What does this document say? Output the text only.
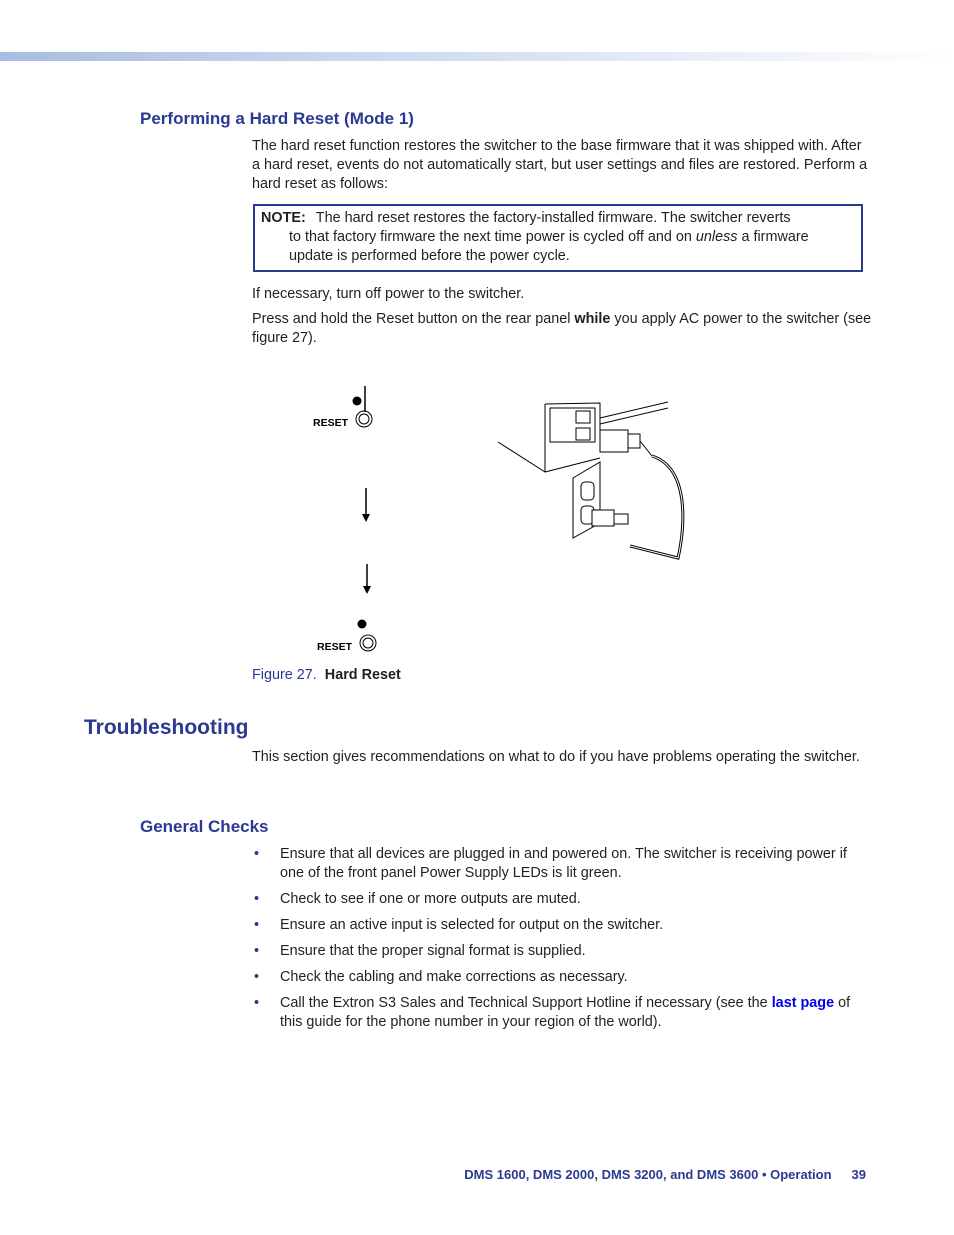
Performing a Hard Reset (Mode 1)

The hard reset function restores the switcher to the base firmware that it was shipped with. After a hard reset, events do not automatically start, but user settings and files are restored. Perform a hard reset as follows:

NOTE: The hard reset restores the factory-installed firmware. The switcher reverts
to that factory firmware the next time power is cycled off and on unless a firmware update is performed before the power cycle.

If necessary, turn off power to the switcher.

Press and hold the Reset button on the rear panel while you apply AC power to the switcher (see figure 27).

RESET
RESET
Figure 27. Hard Reset
Troubleshooting

This section gives recommendations on what to do if you have problems operating the switcher.

General Checks
• Ensure that all devices are plugged in and powered on. The switcher is receiving power if one of the front panel Power Supply LEDs is lit green.
• Check to see if one or more outputs are muted.
• Ensure an active input is selected for output on the switcher.
• Ensure that the proper signal format is supplied.
• Check the cabling and make corrections as necessary.
• Call the Extron S3 Sales and Technical Support Hotline if necessary (see the last page of this guide for the phone number in your region of the world).
DMS 1600, DMS 2000, DMS 3200, and DMS 3600 • Operation 39
